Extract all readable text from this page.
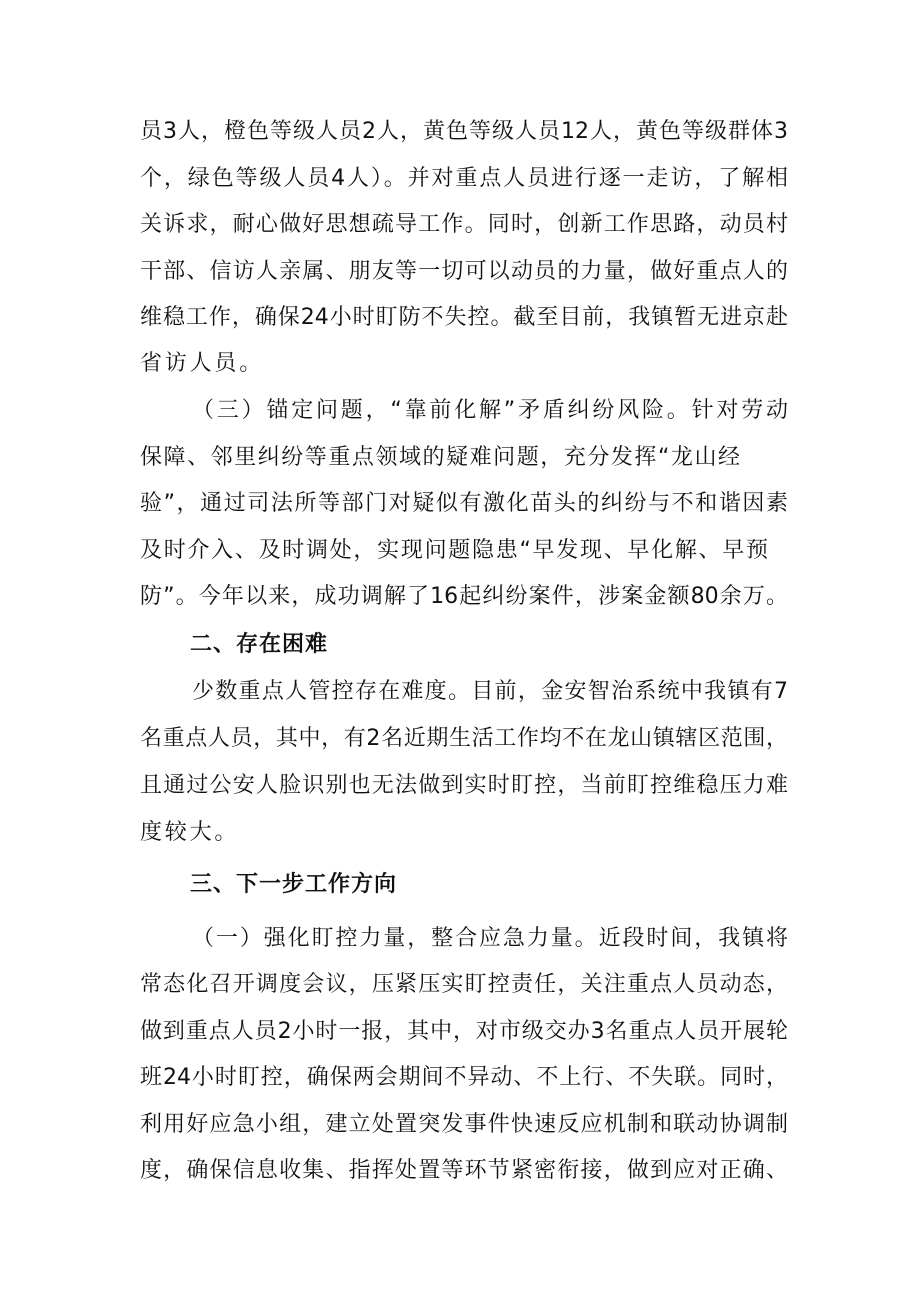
员3人，橙色等级人员2人，黄色等级人员12人，黄色等级群体3
个，绿色等级人员4人）。并对重点人员进行逐一走访，了解相
关诉求，耐心做好思想疏导工作。同时，创新工作思路，动员村
干部、信访人亲属、朋友等一切可以动员的力量，做好重点人的
维稳工作，确保24小时盯防不失控。截至目前，我镇暂无进京赴
省访人员。
（三）锚定问题，“靠前化解”矛盾纠纷风险。针对劳动
保障、邻里纠纷等重点领域的疑难问题，充分发挥“龙山经
验”，通过司法所等部门对疑似有激化苗头的纠纷与不和谐因素
及时介入、及时调处，实现问题隐患“早发现、早化解、早预
防”。今年以来，成功调解了16起纠纷案件，涉案金额80余万。
二、存在困难
少数重点人管控存在难度。目前，金安智治系统中我镇有7
名重点人员，其中，有2名近期生活工作均不在龙山镇辖区范围，
且通过公安人脸识别也无法做到实时盯控，当前盯控维稳压力难
度较大。
三、下一步工作方向
（一）强化盯控力量，整合应急力量。近段时间，我镇将
常态化召开调度会议，压紧压实盯控责任，关注重点人员动态，
做到重点人员2小时一报，其中，对市级交办3名重点人员开展轮
班24小时盯控，确保两会期间不异动、不上行、不失联。同时，
利用好应急小组，建立处置突发事件快速反应机制和联动协调制
度，确保信息收集、指挥处置等环节紧密衔接，做到应对正确、
